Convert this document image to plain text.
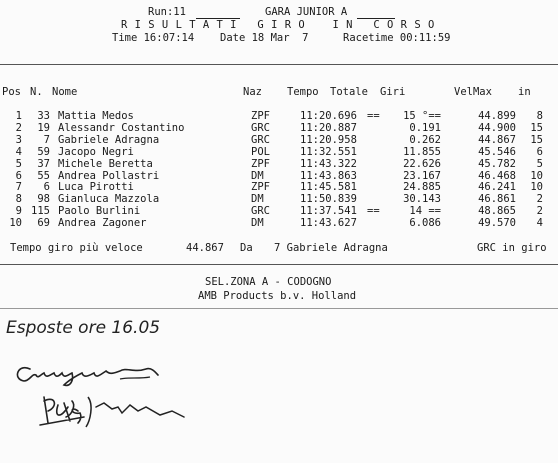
Run:11
	GARA JUNIOR A

R I S U L T A T I   G I R O    I N   C O R S O
Time 16:07:14 Date 18 Mar  7	Racetime 00:11:59
Pos N. Nome	Naz Tempo Totale Giri	VelMax in
1	33 Mattia Medos	ZPF	11:20.696 ==	15 °==	44.899	8
2	19 Alessandr Costantino	GRC	11:20.887	0.191	44.900	15
3	7 Gabriele Adragna	GRC	11:20.958	0.262	44.867	15
4	59 Jacopo Negri	POL	11:32.551	11.855	45.546	6
5	37 Michele Beretta	ZPF	11:43.322	22.626	45.782	5
6	55 Andrea Pollastri	DM	11:43.863	23.167	46.468	10
7	6 Luca Pirotti	ZPF	11:45.581	24.885	46.241	10
8	98 Gianluca Mazzola	DM	11:50.839	30.143	46.861	2
9 115 Paolo Burlini	GRC	11:37.541 ==	14 ==	48.865	2
10	69 Andrea Zagoner	DM	11:43.627	6.086	49.570	4
Tempo giro più veloce	44.867 Da 7 Gabriele Adragna	GRC in giro
SEL.ZONA A - CODOGNO
AMB Products b.v. Holland
Esposte ore 16.05
